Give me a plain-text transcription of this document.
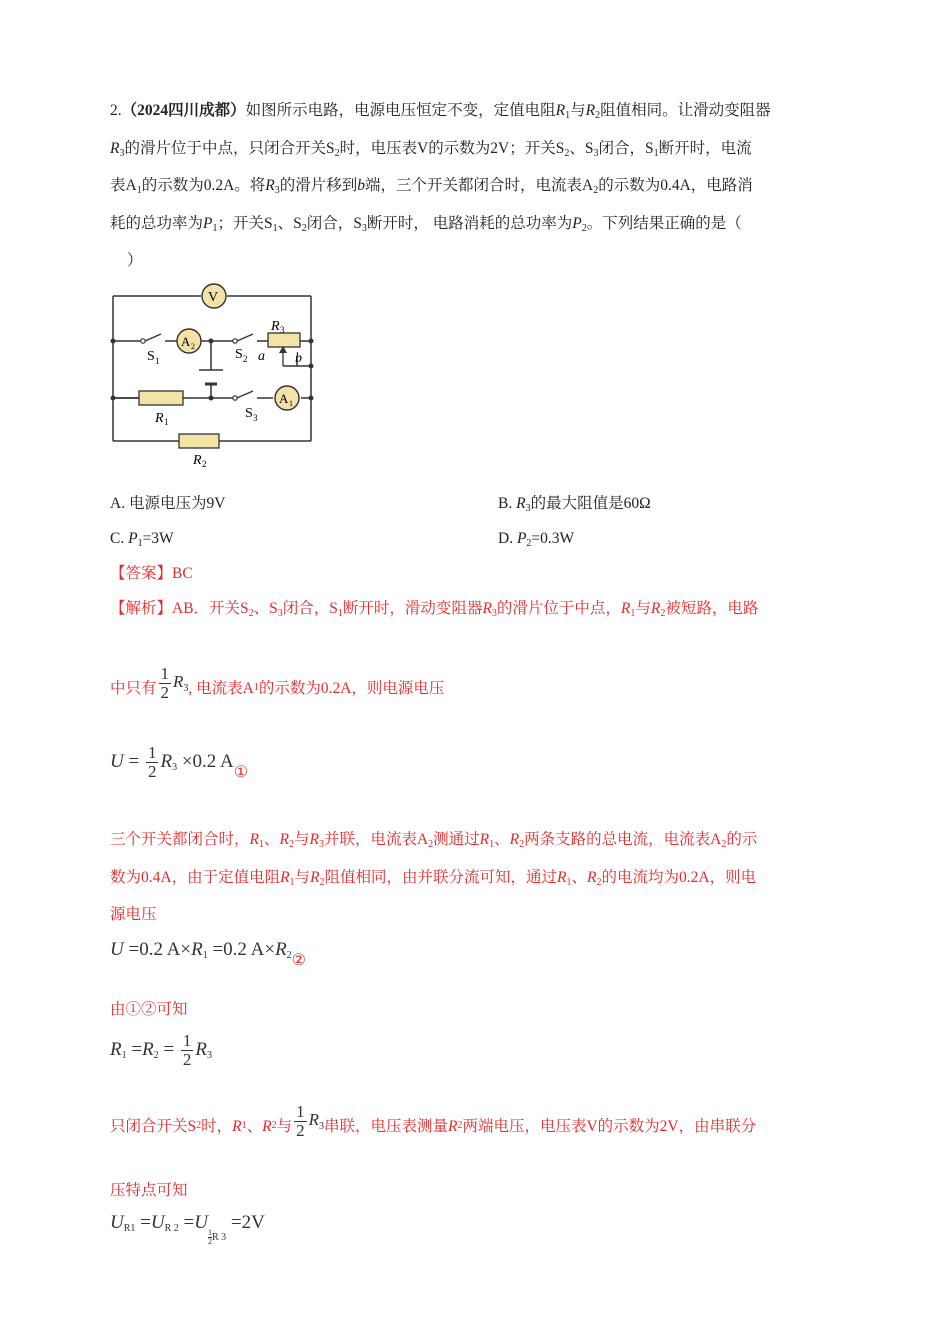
2.（2024四川成都）如图所示电路，电源电压恒定不变，定值电阻$R_1$与$R_2$阻值相同。让滑动变阻器
$R_3$的滑片位于中点，只闭合开关$S_2$时，电压表V的示数为2V；开关$S_2$、$S_3$闭合，$S_1$断开时，电流
表$A_1$的示数为0.2A。将$R_3$的滑片移到b端，三个开关都闭合时，电流表$A_2$的示数为0.4A，电路消
耗的总功率为$P_1$；开关$S_1$、$S_2$闭合，$S_3$断开时， 电路消耗的总功率为$P_2$。下列结果正确的是（
）
V
A 2
A 1
S 1	S 2
S 3
R 3
R 1
R 2
a b
A. 电源电压为9V	B. $R_3$的最大阻值是60Ω
C. $P_1=3W$	D. $P_2=0.3W$
【答案】BC
【解析】AB．开关$S_2$、$S_3$闭合，$S_1$断开时，滑动变阻器$R_3$的滑片位于中点，$R_1$与$R_2$被短路，电路
中只有 $\frac{1}{2} R_3$, 电流表$A_1$的示数为0.2A，则电源电压
$U = \frac{1}{2} R3 \times 0.2$ $A_①$
三个开关都闭合时，$R_1$、$R_2$与$R_3$并联，电流表$A_2$测通过$R_1$、$R_2$两条支路的总电流，电流表$A_2$的示
数为0.4A，由于定值电阻$R_1$与$R_2$阻值相同，由并联分流可知，通过$R_1$、$R_2$的电流均为0.2A，则电
源电压
U =0.2 A×R1 =0.2 $A\times R2_②$
由①②可知
$R1 =R2 = \frac{1}{2} R3$
只闭合开关$S_2$时，$R_1$、$R_2$与 $\frac{1}{2} R_3$串联，电压表测量$R_2$两端电压，电压表V的示数为2V，由串联分
压特点可知
UR1 =UR 2 =U
$\frac{1}{2} _{R 3} =2V$
